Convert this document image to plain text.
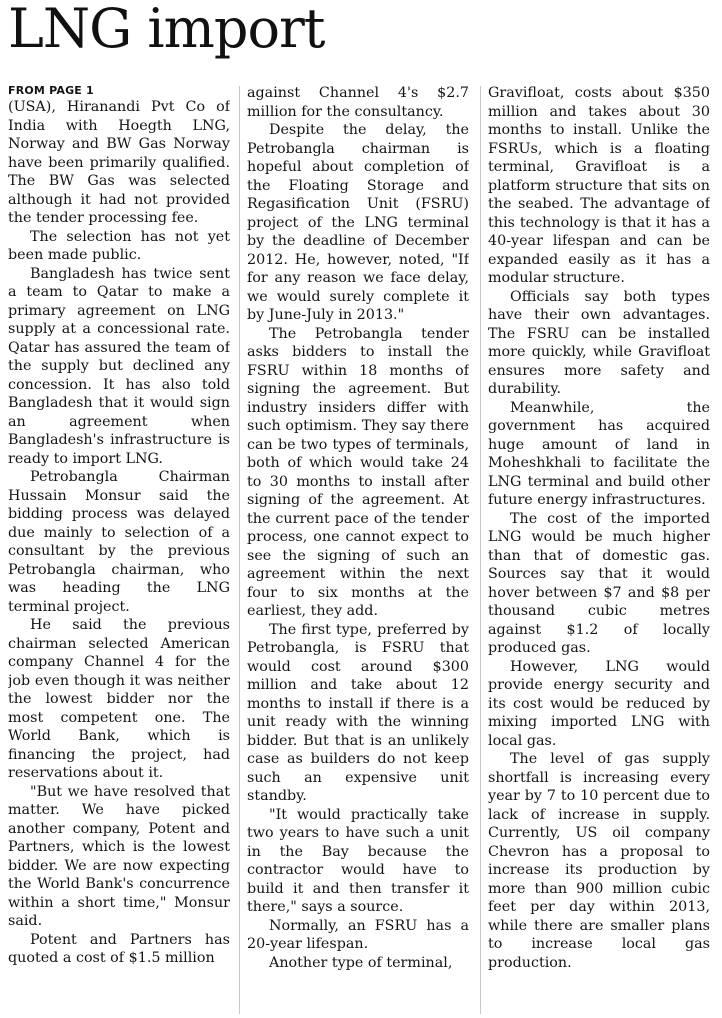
LNG import
FROM PAGE 1

(USA), Hiranandi Pvt Co of India with Hoegth LNG, Norway and BW Gas Norway have been primarily qualified. The BW Gas was selected although it had not provided the tender processing fee.

The selection has not yet been made public.

Bangladesh has twice sent a team to Qatar to make a primary agreement on LNG supply at a concessional rate. Qatar has assured the team of the supply but declined any concession. It has also told Bangladesh that it would sign an agreement when Bangladesh's infrastructure is ready to import LNG.

Petrobangla Chairman Hussain Monsur said the bidding process was delayed due mainly to selection of a consultant by the previous Petrobangla chairman, who was heading the LNG terminal project.

He said the previous chairman selected American company Channel 4 for the job even though it was neither the lowest bidder nor the most competent one. The World Bank, which is financing the project, had reservations about it.

"But we have resolved that matter. We have picked another company, Potent and Partners, which is the lowest bidder. We are now expecting the World Bank's concurrence within a short time," Monsur said.

Potent and Partners has quoted a cost of $1.5 million

against Channel 4's $2.7 million for the consultancy.

Despite the delay, the Petrobangla chairman is hopeful about completion of the Floating Storage and Regasification Unit (FSRU) project of the LNG terminal by the deadline of December 2012. He, however, noted, "If for any reason we face delay, we would surely complete it by June-July in 2013."

The Petrobangla tender asks bidders to install the FSRU within 18 months of signing the agreement. But industry insiders differ with such optimism. They say there can be two types of terminals, both of which would take 24 to 30 months to install after signing of the agreement. At the current pace of the tender process, one cannot expect to see the signing of such an agreement within the next four to six months at the earliest, they add.

The first type, preferred by Petrobangla, is FSRU that would cost around $300 million and take about 12 months to install if there is a unit ready with the winning bidder. But that is an unlikely case as builders do not keep such an expensive unit standby.

"It would practically take two years to have such a unit in the Bay because the contractor would have to build it and then transfer it there," says a source.

Normally, an FSRU has a 20-year lifespan.

Another type of terminal,

Gravifloat, costs about $350 million and takes about 30 months to install. Unlike the FSRUs, which is a floating terminal, Gravifloat is a platform structure that sits on the seabed. The advantage of this technology is that it has a 40-year lifespan and can be expanded easily as it has a modular structure.

Officials say both types have their own advantages. The FSRU can be installed more quickly, while Gravifloat ensures more safety and durability.

Meanwhile, the government has acquired huge amount of land in Moheshkhali to facilitate the LNG terminal and build other future energy infrastructures.

The cost of the imported LNG would be much higher than that of domestic gas. Sources say that it would hover between $7 and $8 per thousand cubic metres against $1.2 of locally produced gas.

However, LNG would provide energy security and its cost would be reduced by mixing imported LNG with local gas.

The level of gas supply shortfall is increasing every year by 7 to 10 percent due to lack of increase in supply. Currently, US oil company Chevron has a proposal to increase its production by more than 900 million cubic feet per day within 2013, while there are smaller plans to increase local gas production.
